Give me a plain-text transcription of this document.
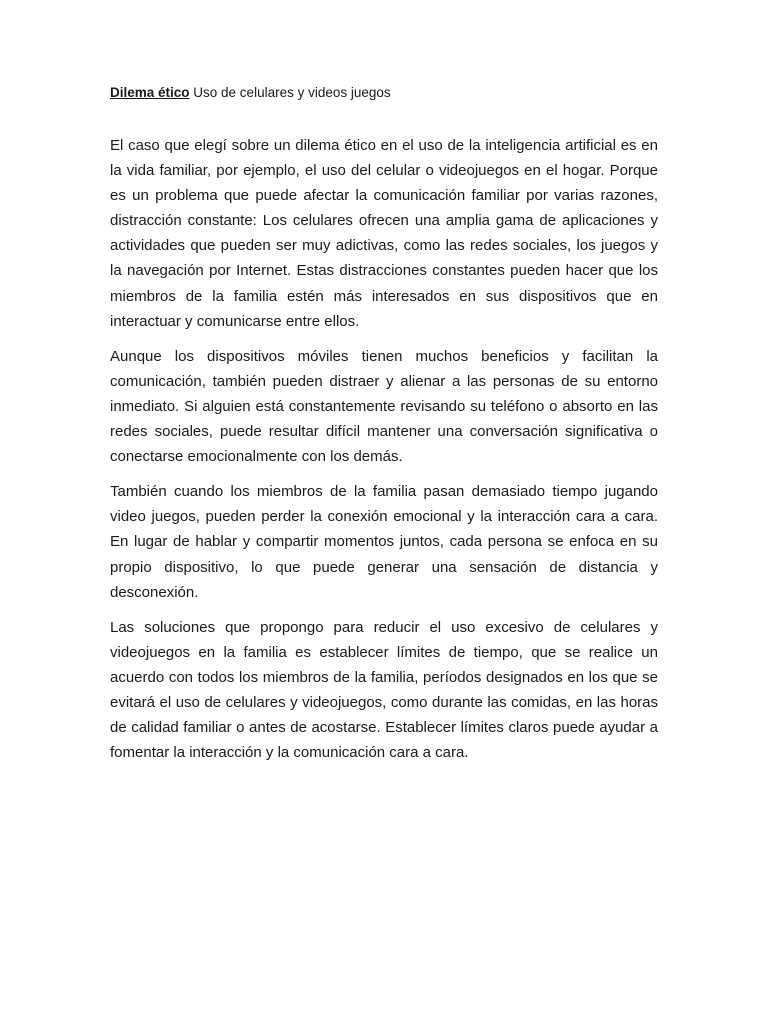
Dilema ético Uso de celulares y videos juegos

El caso que elegí sobre un dilema ético en el uso de la inteligencia artificial es en la vida familiar, por ejemplo, el uso del celular o videojuegos en el hogar. Porque es un problema que puede afectar la comunicación familiar por varias razones, distracción constante: Los celulares ofrecen una amplia gama de aplicaciones y actividades que pueden ser muy adictivas, como las redes sociales, los juegos y la navegación por Internet. Estas distracciones constantes pueden hacer que los miembros de la familia estén más interesados en sus dispositivos que en interactuar y comunicarse entre ellos.

Aunque los dispositivos móviles tienen muchos beneficios y facilitan la comunicación, también pueden distraer y alienar a las personas de su entorno inmediato. Si alguien está constantemente revisando su teléfono o absorto en las redes sociales, puede resultar difícil mantener una conversación significativa o conectarse emocionalmente con los demás.

También cuando los miembros de la familia pasan demasiado tiempo jugando video juegos, pueden perder la conexión emocional y la interacción cara a cara. En lugar de hablar y compartir momentos juntos, cada persona se enfoca en su propio dispositivo, lo que puede generar una sensación de distancia y desconexión.

Las soluciones que propongo para reducir el uso excesivo de celulares y videojuegos en la familia es establecer límites de tiempo, que se realice un acuerdo con todos los miembros de la familia, períodos designados en los que se evitará el uso de celulares y videojuegos, como durante las comidas, en las horas de calidad familiar o antes de acostarse. Establecer límites claros puede ayudar a fomentar la interacción y la comunicación cara a cara.
